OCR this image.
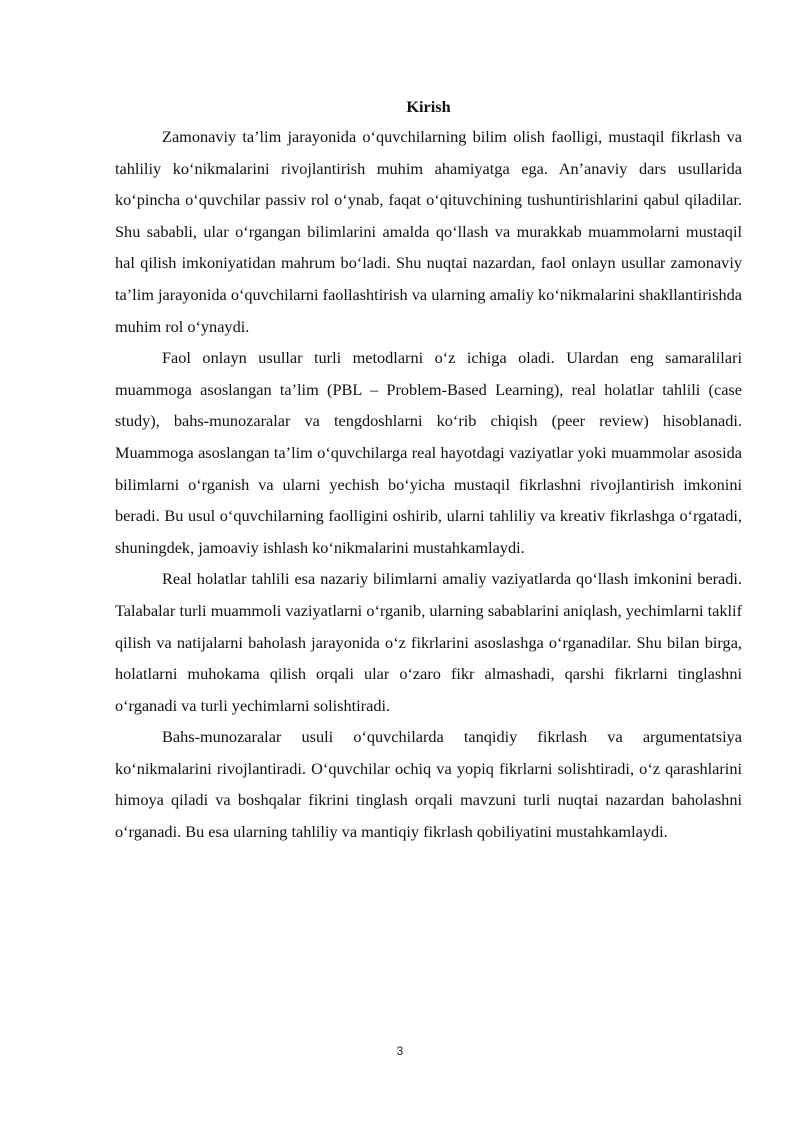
Kirish

Zamonaviy ta’lim jarayonida o‘quvchilarning bilim olish faolligi, mustaqil fikrlash va tahliliy ko‘nikmalarini rivojlantirish muhim ahamiyatga ega. An’anaviy dars usullarida ko‘pincha o‘quvchilar passiv rol o‘ynab, faqat o‘qituvchining tushuntirishlarini qabul qiladilar. Shu sababli, ular o‘rgangan bilimlarini amalda qo‘llash va murakkab muammolarni mustaqil hal qilish imkoniyatidan mahrum bo‘ladi. Shu nuqtai nazardan, faol onlayn usullar zamonaviy ta’lim jarayonida o‘quvchilarni faollashtirish va ularning amaliy ko‘nikmalarini shakllantirishda muhim rol o‘ynaydi.

Faol onlayn usullar turli metodlarni o‘z ichiga oladi. Ulardan eng samaralilari muammoga asoslangan ta’lim (PBL – Problem-Based Learning), real holatlar tahlili (case study), bahs-munozaralar va tengdoshlarni ko‘rib chiqish (peer review) hisoblanadi. Muammoga asoslangan ta’lim o‘quvchilarga real hayotdagi vaziyatlar yoki muammolar asosida bilimlarni o‘rganish va ularni yechish bo‘yicha mustaqil fikrlashni rivojlantirish imkonini beradi. Bu usul o‘quvchilarning faolligini oshirib, ularni tahliliy va kreativ fikrlashga o‘rgatadi, shuningdek, jamoaviy ishlash ko‘nikmalarini mustahkamlaydi.

Real holatlar tahlili esa nazariy bilimlarni amaliy vaziyatlarda qo‘llash imkonini beradi. Talabalar turli muammoli vaziyatlarni o‘rganib, ularning sabablarini aniqlash, yechimlarni taklif qilish va natijalarni baholash jarayonida o‘z fikrlarini asoslashga o‘rganadilar. Shu bilan birga, holatlarni muhokama qilish orqali ular o‘zaro fikr almashadi, qarshi fikrlarni tinglashni o‘rganadi va turli yechimlarni solishtiradi.

Bahs-munozaralar usuli o‘quvchilarda tanqidiy fikrlash va argumentatsiya ko‘nikmalarini rivojlantiradi. O‘quvchilar ochiq va yopiq fikrlarni solishtiradi, o‘z qarashlarini himoya qiladi va boshqalar fikrini tinglash orqali mavzuni turli nuqtai nazardan baholashni o‘rganadi. Bu esa ularning tahliliy va mantiqiy fikrlash qobiliyatini mustahkamlaydi.

3
